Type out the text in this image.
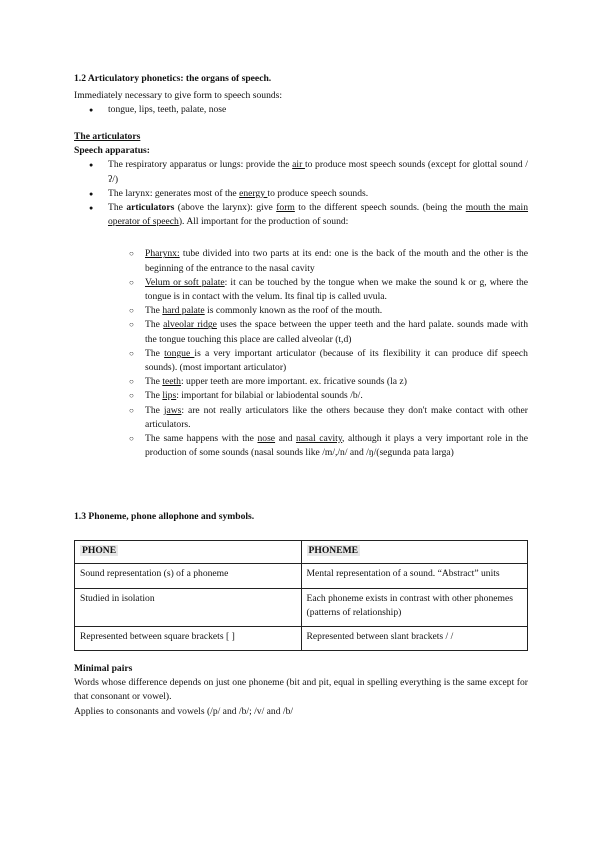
1.2 Articulatory phonetics: the organs of speech.

Immediately necessary to give form to speech sounds:

● tongue, lips, teeth, palate, nose

The articulators

Speech apparatus:

● The respiratory apparatus or lungs: provide the air to produce most speech sounds (except for glottal sound /ʔ/)
● The larynx: generates most of the energy to produce speech sounds.
● The articulators (above the larynx): give form to the different speech sounds. (being the mouth the main operator of speech). All important for the production of sound:
○ Pharynx: tube divided into two parts at its end: one is the back of the mouth and the other is the beginning of the entrance to the nasal cavity
○ Velum or soft palate: it can be touched by the tongue when we make the sound k or g, where the tongue is in contact with the velum. Its final tip is called uvula.
○ The hard palate is commonly known as the roof of the mouth.
○ The alveolar ridge uses the space between the upper teeth and the hard palate. sounds made with the tongue touching this place are called alveolar (t,d)
○ The tongue is a very important articulator (because of its flexibility it can produce dif speech sounds). (most important articulator)
○ The teeth: upper teeth are more important. ex. fricative sounds (la z)
○ The lips: important for bilabial or labiodental sounds /b/.
○ The jaws: are not really articulators like the others because they don't make contact with other articulators.
○ The same happens with the nose and nasal cavity, although it plays a very important role in the production of some sounds (nasal sounds like /m/,/n/ and /ŋ/(segunda pata larga)
1.3 Phoneme, phone allophone and symbols.
PHONE	PHONEME
Sound representation (s) of a phoneme	Mental representation of a sound. “Abstract” units
Studied in isolation	Each phoneme exists in contrast with other phonemes (patterns of relationship)
Represented between square brackets [ ]	Represented between slant brackets / /

Minimal pairs

Words whose difference depends on just one phoneme (bit and pit, equal in spelling everything is the same except for that consonant or vowel).

Applies to consonants and vowels (/p/ and /b/; /v/ and /b/
